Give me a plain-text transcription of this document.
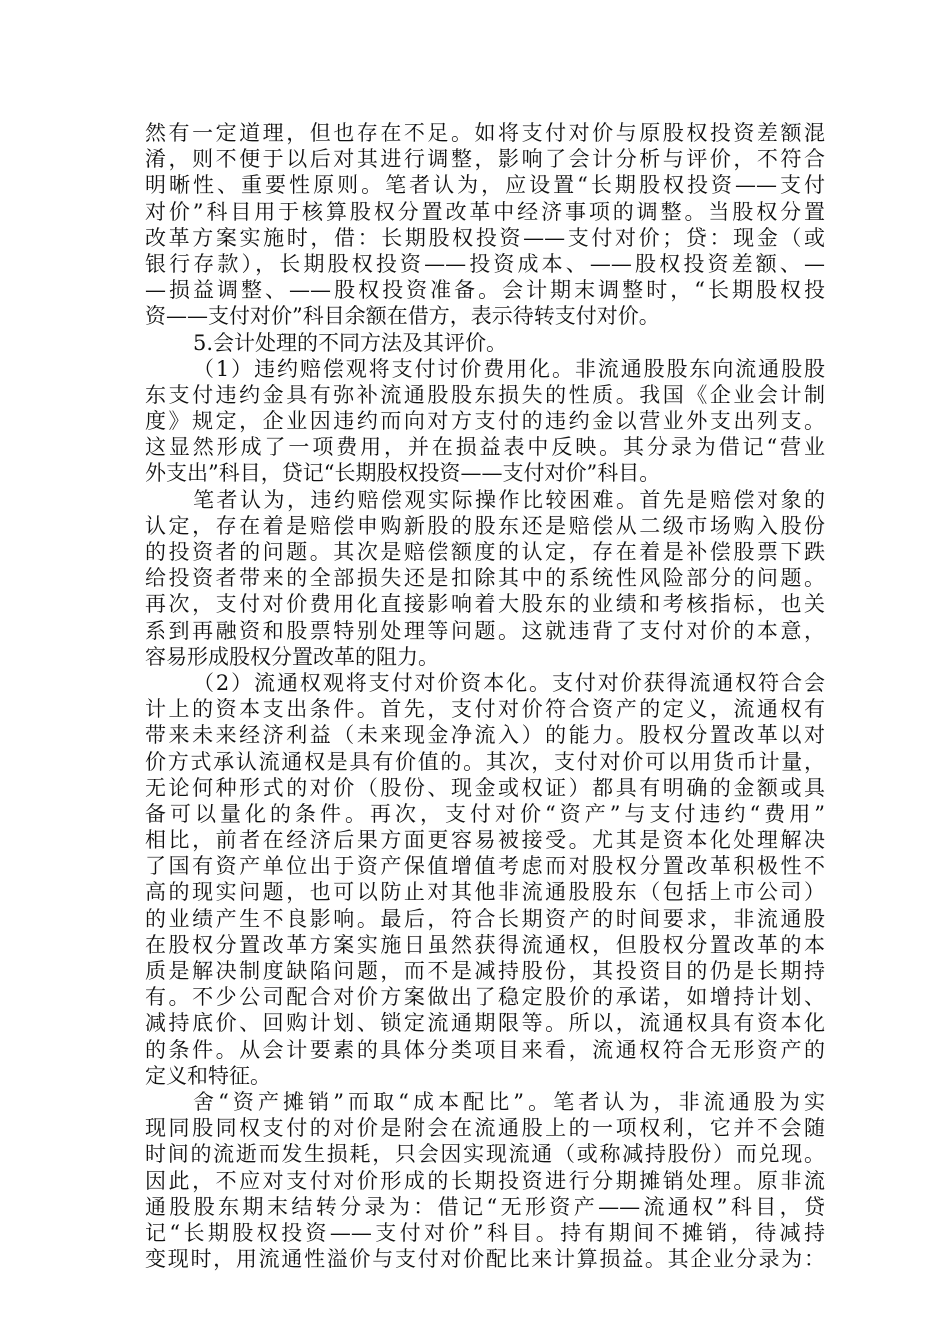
然有一定道理，但也存在不足。如将支付对价与原股权投资差额混
淆，则不便于以后对其进行调整，影响了会计分析与评价，不符合
明晰性、重要性原则。笔者认为，应设置“长期股权投资——支付
对价”科目用于核算股权分置改革中经济事项的调整。当股权分置
改革方案实施时，借：长期股权投资——支付对价；贷：现金（或
银行存款），长期股权投资——投资成本、——股权投资差额、—
—损益调整、——股权投资准备。会计期末调整时，“长期股权投
资——支付对价”科目余额在借方，表示待转支付对价。
5.会计处理的不同方法及其评价。
（1）违约赔偿观将支付讨价费用化。非流通股股东向流通股股
东支付违约金具有弥补流通股股东损失的性质。我国《企业会计制
度》规定，企业因违约而向对方支付的违约金以营业外支出列支。
这显然形成了一项费用，并在损益表中反映。其分录为借记“营业
外支出”科目，贷记“长期股权投资——支付对价”科目。
笔者认为，违约赔偿观实际操作比较困难。首先是赔偿对象的
认定，存在着是赔偿申购新股的股东还是赔偿从二级市场购入股份
的投资者的问题。其次是赔偿额度的认定，存在着是补偿股票下跌
给投资者带来的全部损失还是扣除其中的系统性风险部分的问题。
再次，支付对价费用化直接影响着大股东的业绩和考核指标，也关
系到再融资和股票特别处理等问题。这就违背了支付对价的本意，
容易形成股权分置改革的阻力。
（2）流通权观将支付对价资本化。支付对价获得流通权符合会
计上的资本支出条件。首先，支付对价符合资产的定义，流通权有
带来未来经济利益（未来现金净流入）的能力。股权分置改革以对
价方式承认流通权是具有价值的。其次，支付对价可以用货币计量，
无论何种形式的对价（股份、现金或权证）都具有明确的金额或具
备可以量化的条件。再次，支付对价“资产”与支付违约“费用”
相比，前者在经济后果方面更容易被接受。尤其是资本化处理解决
了国有资产单位出于资产保值增值考虑而对股权分置改革积极性不
高的现实问题，也可以防止对其他非流通股股东（包括上市公司）
的业绩产生不良影响。最后，符合长期资产的时间要求，非流通股
在股权分置改革方案实施日虽然获得流通权，但股权分置改革的本
质是解决制度缺陷问题，而不是减持股份，其投资目的仍是长期持
有。不少公司配合对价方案做出了稳定股价的承诺，如增持计划、
减持底价、回购计划、锁定流通期限等。所以，流通权具有资本化
的条件。从会计要素的具体分类项目来看，流通权符合无形资产的
定义和特征。
舍“资产摊销”而取“成本配比”。笔者认为，非流通股为实
现同股同权支付的对价是附会在流通股上的一项权利，它并不会随
时间的流逝而发生损耗，只会因实现流通（或称减持股份）而兑现。
因此，不应对支付对价形成的长期投资进行分期摊销处理。原非流
通股股东期末结转分录为：借记“无形资产——流通权”科目，贷
记“长期股权投资——支付对价”科目。持有期间不摊销，待减持
变现时，用流通性溢价与支付对价配比来计算损益。其企业分录为：
